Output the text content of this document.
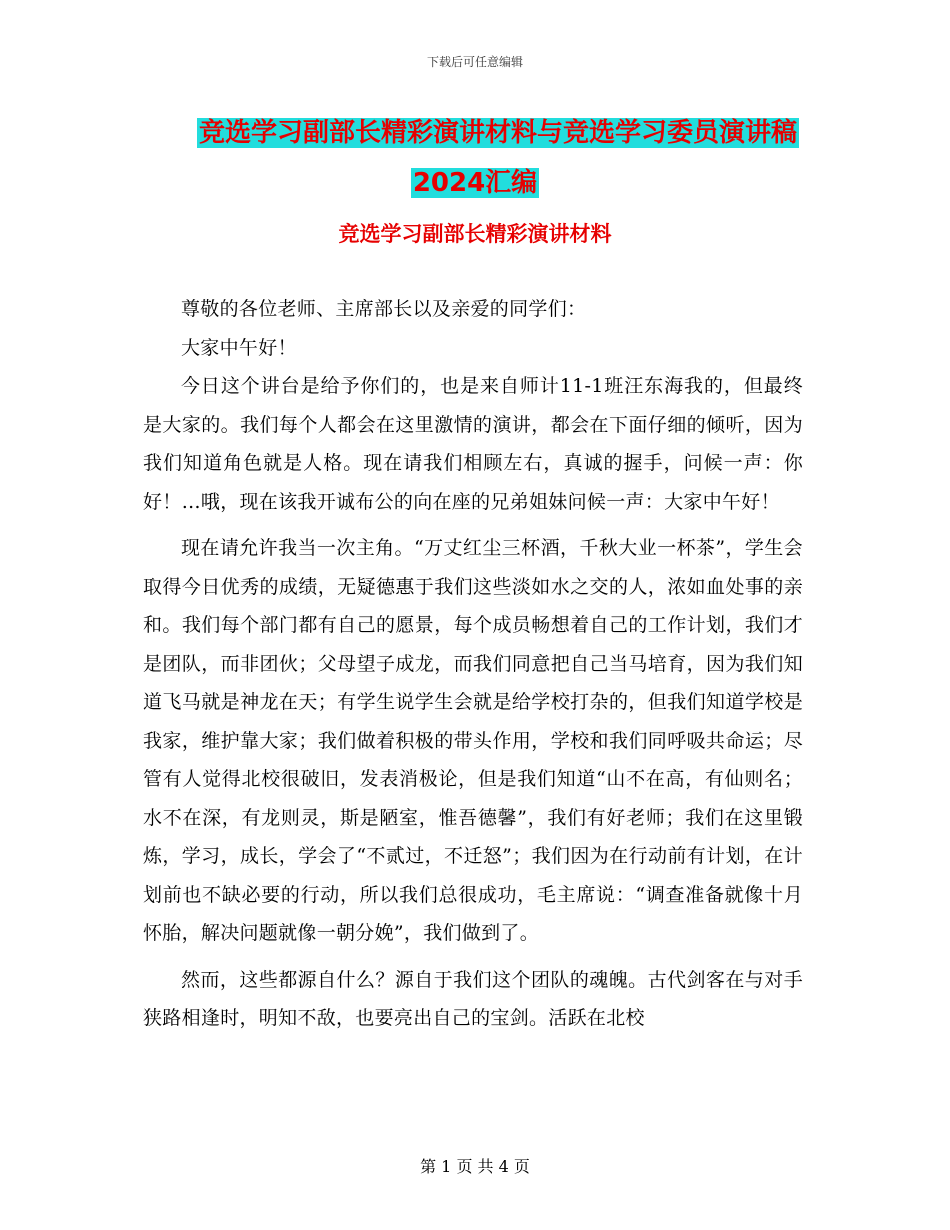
下载后可任意编辑
竞选学习副部长精彩演讲材料与竞选学习委员演讲稿
2024汇编
竞选学习副部长精彩演讲材料

尊敬的各位老师、主席部长以及亲爱的同学们：

大家中午好！

今日这个讲台是给予你们的，也是来自师计11-1班汪东海我的，但最终是大家的。我们每个人都会在这里激情的演讲，都会在下面仔细的倾听，因为我们知道角色就是人格。现在请我们相顾左右，真诚的握手，问候一声：你好！…哦，现在该我开诚布公的向在座的兄弟姐妹问候一声：大家中午好！

现在请允许我当一次主角。“万丈红尘三杯酒，千秋大业一杯茶”，学生会取得今日优秀的成绩，无疑德惠于我们这些淡如水之交的人，浓如血处事的亲和。我们每个部门都有自己的愿景，每个成员畅想着自己的工作计划，我们才是团队，而非团伙；父母望子成龙，而我们同意把自己当马培育，因为我们知道飞马就是神龙在天；有学生说学生会就是给学校打杂的，但我们知道学校是我家，维护靠大家；我们做着积极的带头作用，学校和我们同呼吸共命运；尽管有人觉得北校很破旧，发表消极论，但是我们知道“山不在高，有仙则名；水不在深，有龙则灵，斯是陋室，惟吾德馨”，我们有好老师；我们在这里锻炼，学习，成长，学会了“不贰过，不迁怒”；我们因为在行动前有计划，在计划前也不缺必要的行动，所以我们总很成功，毛主席说：“调查准备就像十月怀胎，解决问题就像一朝分娩”，我们做到了。

然而，这些都源自什么？源自于我们这个团队的魂魄。古代剑客在与对手狭路相逢时，明知不敌，也要亮出自己的宝剑。活跃在北校

第 1 页 共 4 页
